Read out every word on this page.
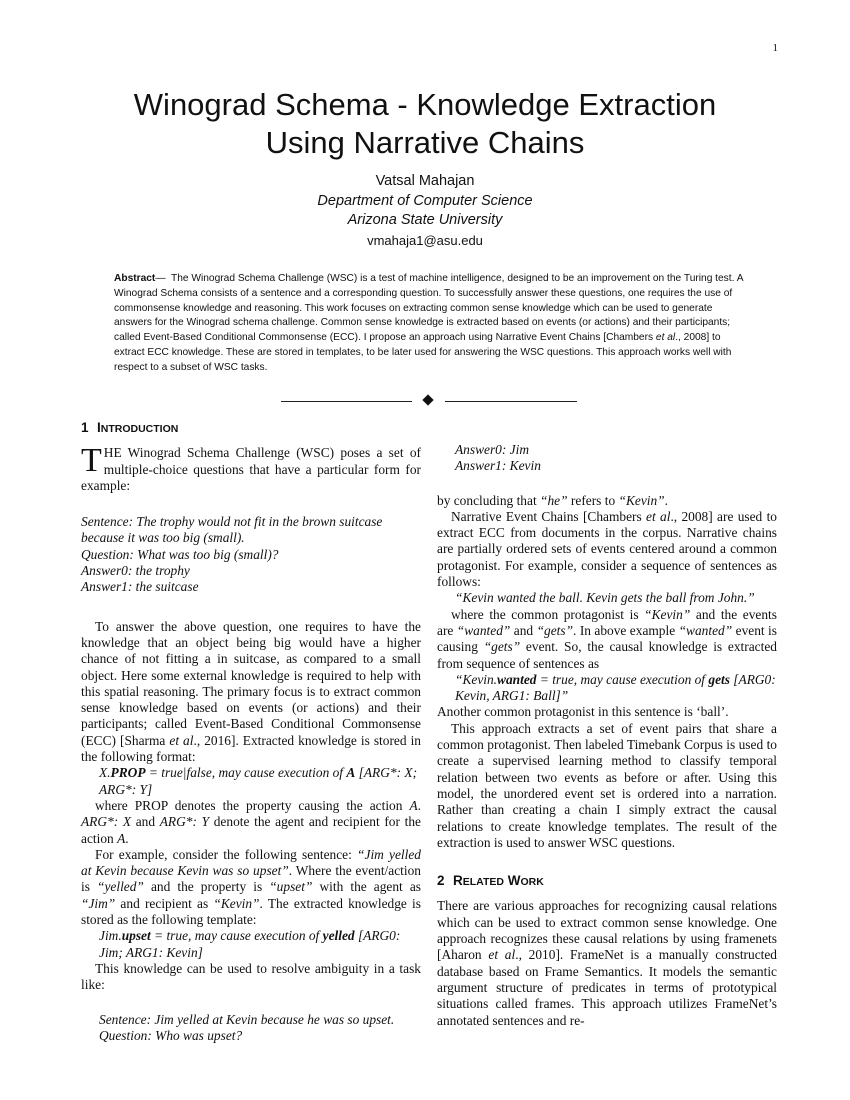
1
Winograd Schema - Knowledge Extraction
Using Narrative Chains
Vatsal Mahajan
Department of Computer Science
Arizona State University
vmahaja1@asu.edu
Abstract— The Winograd Schema Challenge (WSC) is a test of machine intelligence, designed to be an improvement on the Turing test. A Winograd Schema consists of a sentence and a corresponding question. To successfully answer these questions, one requires the use of commonsense knowledge and reasoning. This work focuses on extracting common sense knowledge which can be used to generate answers for the Winograd schema challenge. Common sense knowledge is extracted based on events (or actions) and their participants; called Event-Based Conditional Commonsense (ECC). I propose an approach using Narrative Event Chains [Chambers et al., 2008] to extract ECC knowledge. These are stored in templates, to be later used for answering the WSC questions. This approach works well with respect to a subset of WSC tasks.
1 INTRODUCTION

THE Winograd Schema Challenge (WSC) poses a set of multiple-choice questions that have a particular form for example:

Sentence: The trophy would not fit in the brown suitcase because it was too big (small).
Question: What was too big (small)?
Answer0: the trophy
Answer1: the suitcase

To answer the above question, one requires to have the knowledge that an object being big would have a higher chance of not fitting a in suitcase, as compared to a small object. Here some external knowledge is required to help with this spatial reasoning. The primary focus is to extract common sense knowledge based on events (or actions) and their participants; called Event-Based Conditional Commonsense (ECC) [Sharma et al., 2016]. Extracted knowledge is stored in the following format:

X.PROP = true|false, may cause execution of A [ARG*: X; ARG*: Y]

where PROP denotes the property causing the action A. ARG*: X and ARG*: Y denote the agent and recipient for the action A.

For example, consider the following sentence: “Jim yelled at Kevin because Kevin was so upset”. Where the event/action is “yelled” and the property is “upset” with the agent as “Jim” and recipient as “Kevin”. The extracted knowledge is stored as the following template:

Jim.upset = true, may cause execution of yelled [ARG0: Jim; ARG1: Kevin]

This knowledge can be used to resolve ambiguity in a task like:

Sentence: Jim yelled at Kevin because he was so upset.
Question: Who was upset?
Answer0: Jim
Answer1: Kevin

by concluding that “he” refers to “Kevin”.

Narrative Event Chains [Chambers et al., 2008] are used to extract ECC from documents in the corpus. Narrative chains are partially ordered sets of events centered around a common protagonist. For example, consider a sequence of sentences as follows:

“Kevin wanted the ball. Kevin gets the ball from John.”

where the common protagonist is “Kevin” and the events are “wanted” and “gets”. In above example “wanted” event is causing “gets” event. So, the causal knowledge is extracted from sequence of sentences as

“Kevin.wanted = true, may cause execution of gets [ARG0: Kevin, ARG1: Ball]”

Another common protagonist in this sentence is ‘ball’.

This approach extracts a set of event pairs that share a common protagonist. Then labeled Timebank Corpus is used to create a supervised learning method to classify temporal relation between two events as before or after. Using this model, the unordered event set is ordered into a narration. Rather than creating a chain I simply extract the causal relations to create knowledge templates. The result of the extraction is used to answer WSC questions.

2 RELATED WORK

There are various approaches for recognizing causal relations which can be used to extract common sense knowledge. One approach recognizes these causal relations by using framenets [Aharon et al., 2010]. FrameNet is a manually constructed database based on Frame Semantics. It models the semantic argument structure of predicates in terms of prototypical situations called frames. This approach utilizes FrameNet’s annotated sentences and re-
